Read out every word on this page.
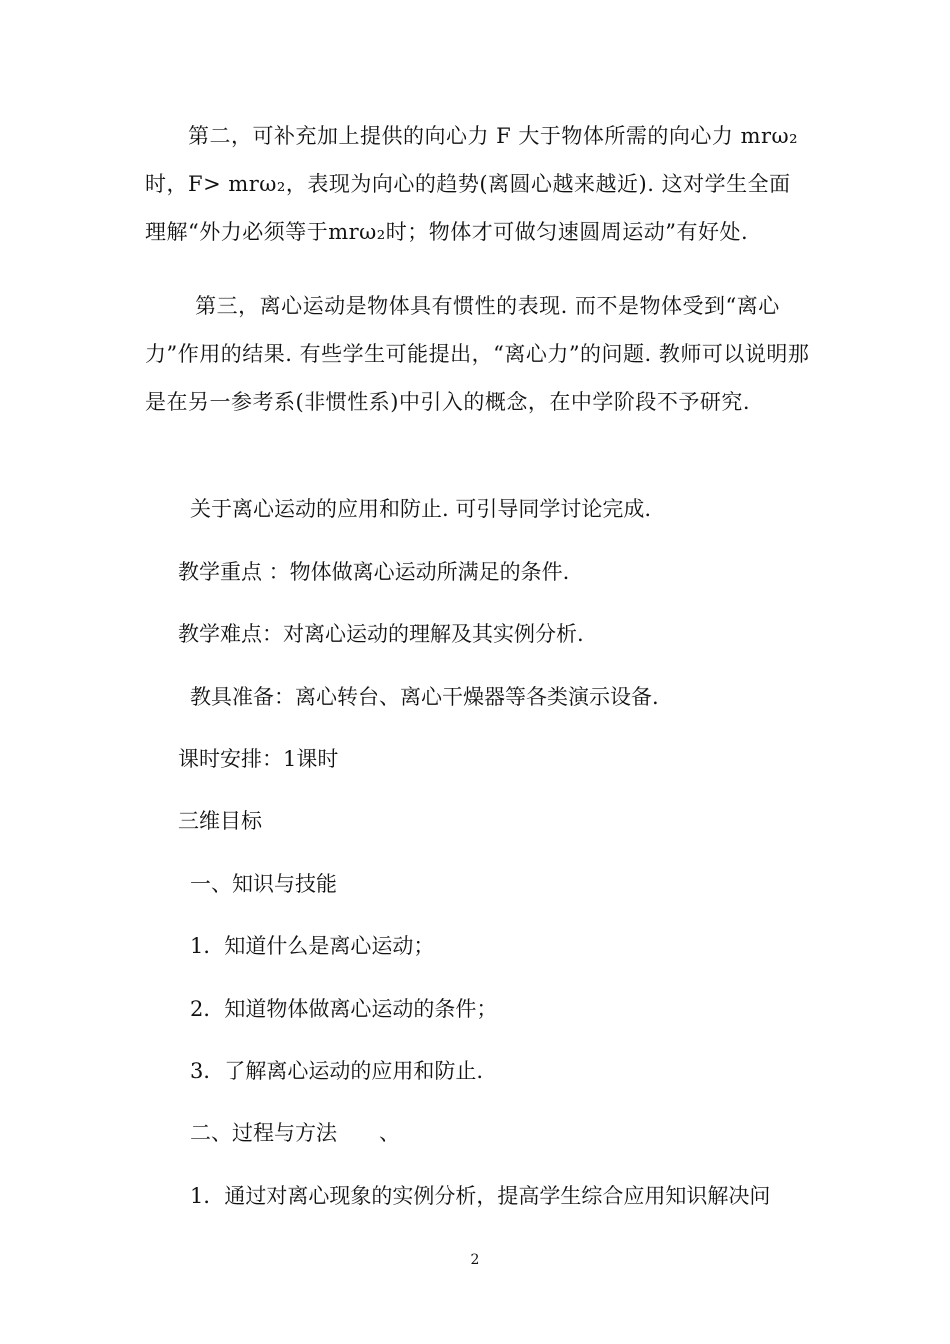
　　第二，可补充加上提供的向心力 F 大于物体所需的向心力 mrω₂时，F> mrω₂，表现为向心的趋势(离圆心越来越近). 这对学生全面理解“外力必须等于mrω₂时；物体才可做匀速圆周运动”有好处.

　　 第三，离心运动是物体具有惯性的表现. 而不是物体受到“离心力”作用的结果. 有些学生可能提出，“离心力”的问题. 教师可以说明那是在另一参考系(非惯性系)中引入的概念，在中学阶段不予研究.

关于离心运动的应用和防止. 可引导同学讨论完成.

教学重点 ：物体做离心运动所满足的条件.

教学难点：对离心运动的理解及其实例分析.

教具准备：离心转台、离心干燥器等各类演示设备.

课时安排：1课时

三维目标

一、知识与技能

1．知道什么是离心运动；

2．知道物体做离心运动的条件；

3．了解离心运动的应用和防止.

二、过程与方法　　、

1．通过对离心现象的实例分析，提高学生综合应用知识解决问

2
